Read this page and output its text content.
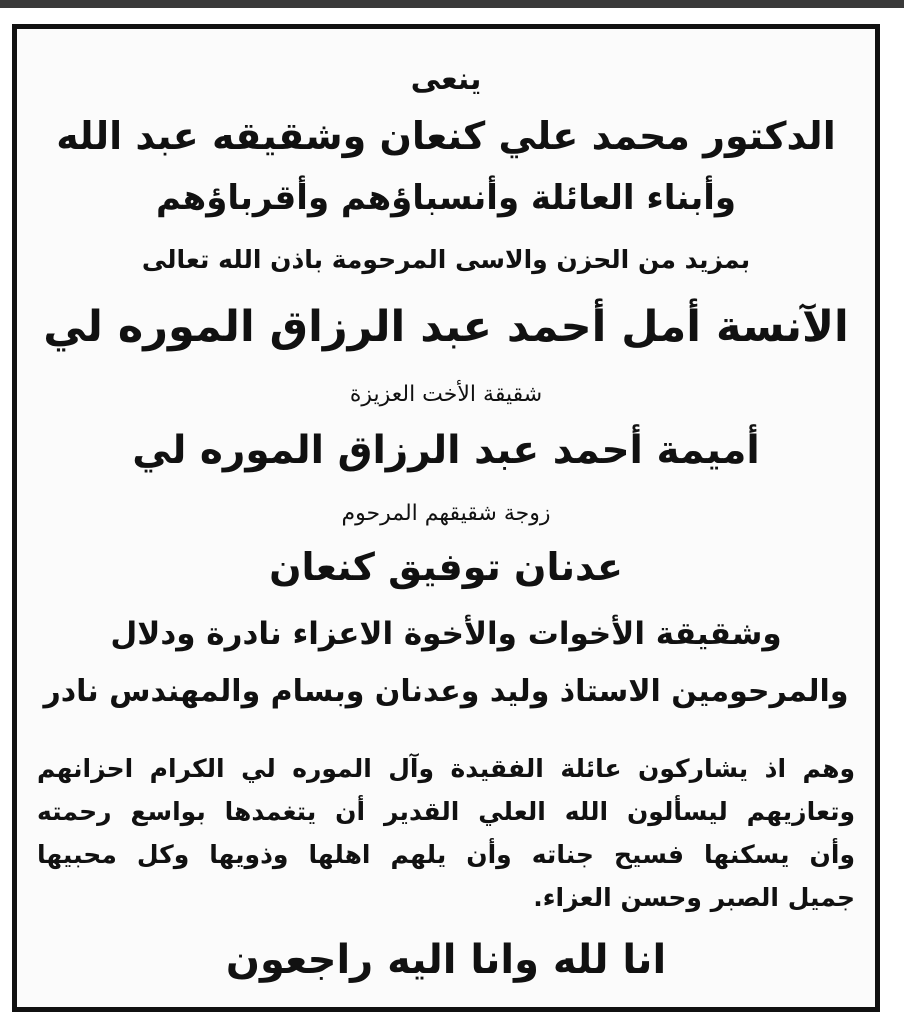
ينعى
الدكتور محمد علي كنعان وشقيقه عبد الله
وأبناء العائلة وأنسباؤهم وأقرباؤهم
بمزيد من الحزن والاسى المرحومة باذن الله تعالى
الآنسة أمل أحمد عبد الرزاق الموره لي
شقيقة الأخت العزيزة
أميمة أحمد عبد الرزاق الموره لي
زوجة شقيقهم المرحوم
عدنان توفيق كنعان
وشقيقة الأخوات والأخوة الاعزاء نادرة ودلال
والمرحومين الاستاذ وليد وعدنان وبسام والمهندس نادر
وهم اذ يشاركون عائلة الفقيدة وآل الموره لي الكرام احزانهم
وتعازيهم ليسألون الله العلي القدير أن يتغمدها بواسع رحمته
وأن يسكنها فسيح جناته وأن يلهم اهلها وذويها وكل محبيها
جميل الصبر وحسن العزاء.
انا لله وانا اليه راجعون
